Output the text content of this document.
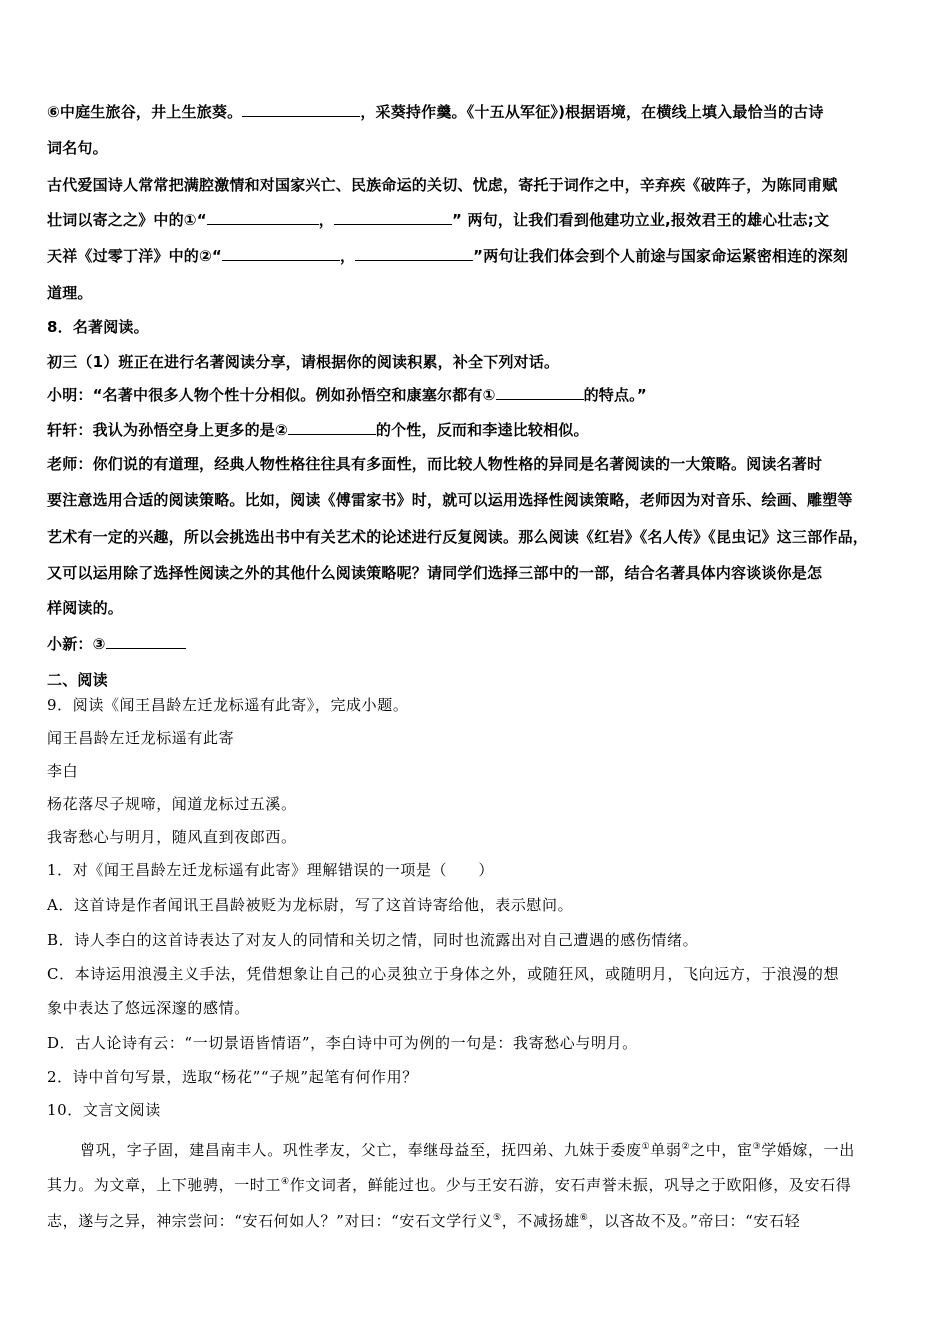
⑥中庭生旅谷，井上生旅葵。	，采葵持作羹。《十五从军征》)根据语境，在横线上填入最恰当的古诗
词名句。
古代爱国诗人常常把满腔激情和对国家兴亡、民族命运的关切、忧虑，寄托于词作之中，辛弃疾《破阵子，为陈同甫赋
壮词以寄之之》中的①“	，	” 两句，让我们看到他建功立业,报效君王的雄心壮志;文
天祥《过零丁洋》中的②“	，	”两句让我们体会到个人前途与国家命运紧密相连的深刻
道理。
8．名著阅读。
初三（1）班正在进行名著阅读分享，请根据你的阅读积累，补全下列对话。
小明：“名著中很多人物个性十分相似。例如孙悟空和康塞尔都有①	的特点。”
轩轩：我认为孙悟空身上更多的是②	的个性，反而和李逵比较相似。
老师：你们说的有道理，经典人物性格往往具有多面性，而比较人物性格的异同是名著阅读的一大策略。阅读名著时
要注意选用合适的阅读策略。比如，阅读《傅雷家书》时，就可以运用选择性阅读策略，老师因为对音乐、绘画、雕塑等
艺术有一定的兴趣，所以会挑选出书中有关艺术的论述进行反复阅读。那么阅读《红岩》《名人传》《昆虫记》这三部作品，
又可以运用除了选择性阅读之外的其他什么阅读策略呢？请同学们选择三部中的一部，结合名著具体内容谈谈你是怎
样阅读的。
小新：③
二、阅读
9．阅读《闻王昌龄左迁龙标遥有此寄》，完成小题。
闻王昌龄左迁龙标遥有此寄
李白
杨花落尽子规啼，闻道龙标过五溪。
我寄愁心与明月，随风直到夜郎西。
1．对《闻王昌龄左迁龙标遥有此寄》理解错误的一项是（　　）
A．这首诗是作者闻讯王昌龄被贬为龙标尉，写了这首诗寄给他，表示慰问。
B．诗人李白的这首诗表达了对友人的同情和关切之情，同时也流露出对自己遭遇的感伤情绪。
C．本诗运用浪漫主义手法，凭借想象让自己的心灵独立于身体之外，或随狂风，或随明月，飞向远方，于浪漫的想
象中表达了悠远深邃的感情。
D．古人论诗有云：“一切景语皆情语”，李白诗中可为例的一句是：我寄愁心与明月。
2．诗中首句写景，选取“杨花”“子规”起笔有何作用？
10．文言文阅读
曾巩，字子固，建昌南丰人。巩性孝友，父亡，奉继母益至，抚四弟、九妹于委废①单弱②之中，宦③学婚嫁，一出
其力。为文章，上下驰骋，一时工④作文词者，鲜能过也。少与王安石游，安石声誉未振，巩导之于欧阳修，及安石得
志，遂与之异，神宗尝问：“安石何如人？”对曰：“安石文学行义⑤，不减扬雄⑥，以吝故不及。”帝曰：“安石轻
